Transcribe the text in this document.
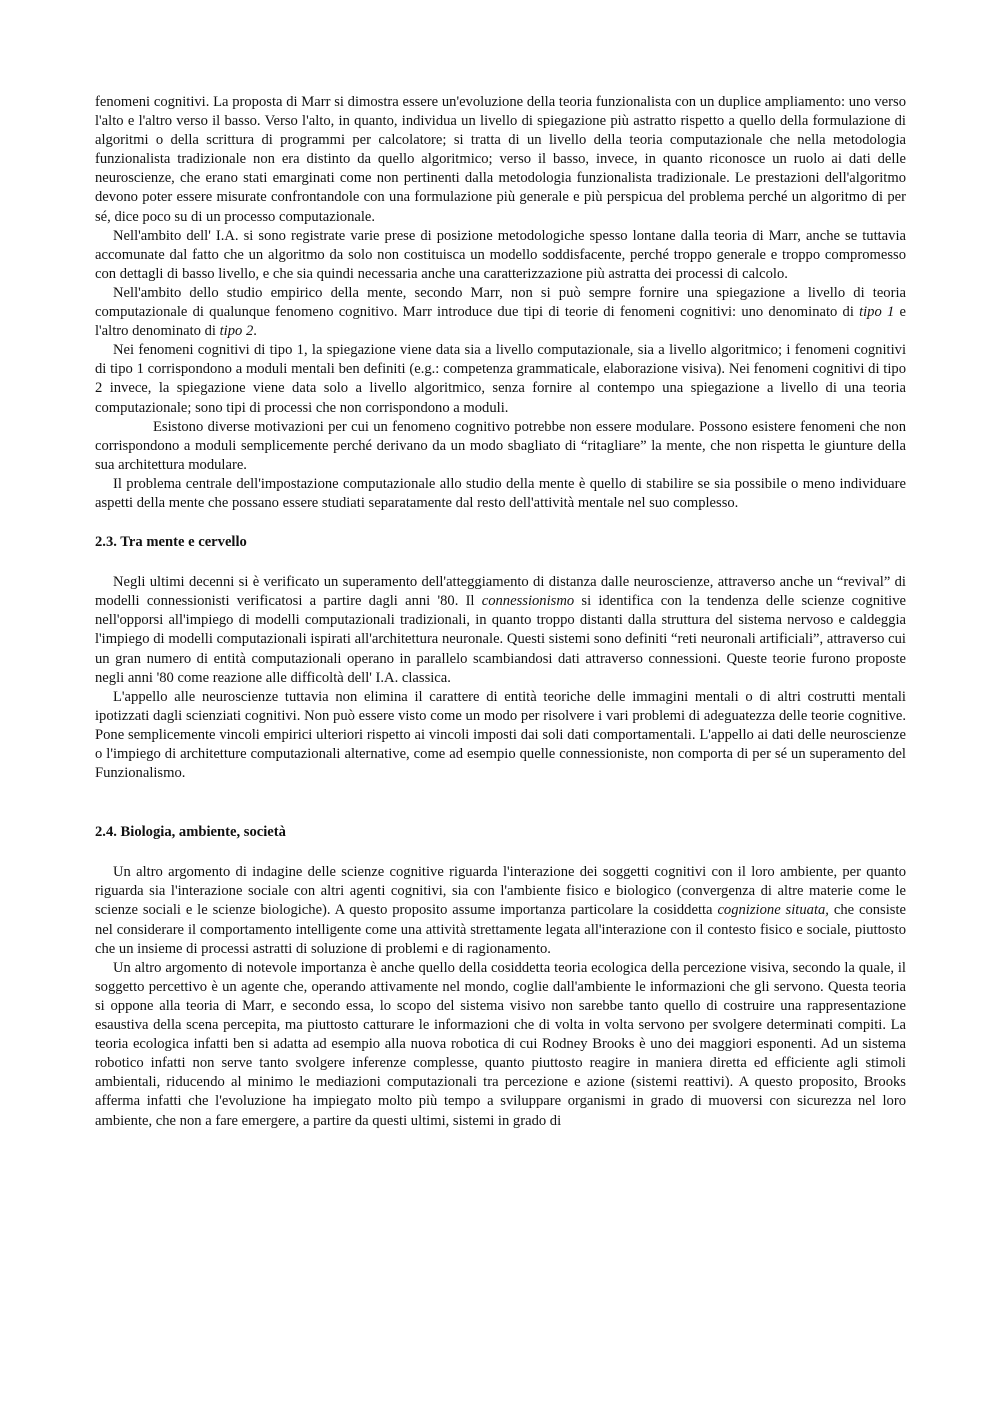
fenomeni cognitivi. La proposta di Marr si dimostra essere un'evoluzione della teoria funzionalista con un duplice ampliamento: uno verso l'alto e l'altro verso il basso. Verso l'alto, in quanto, individua un livello di spiegazione più astratto rispetto a quello della formulazione di algoritmi o della scrittura di programmi per calcolatore; si tratta di un livello della teoria computazionale che nella metodologia funzionalista tradizionale non era distinto da quello algoritmico; verso il basso, invece, in quanto riconosce un ruolo ai dati delle neuroscienze, che erano stati emarginati come non pertinenti dalla metodologia funzionalista tradizionale. Le prestazioni dell'algoritmo devono poter essere misurate confrontandole con una formulazione più generale e più perspicua del problema perché un algoritmo di per sé, dice poco su di un processo computazionale.

Nell'ambito dell' I.A. si sono registrate varie prese di posizione metodologiche spesso lontane dalla teoria di Marr, anche se tuttavia accomunate dal fatto che un algoritmo da solo non costituisca un modello soddisfacente, perché troppo generale e troppo compromesso con dettagli di basso livello, e che sia quindi necessaria anche una caratterizzazione più astratta dei processi di calcolo.

Nell'ambito dello studio empirico della mente, secondo Marr, non si può sempre fornire una spiegazione a livello di teoria computazionale di qualunque fenomeno cognitivo. Marr introduce due tipi di teorie di fenomeni cognitivi: uno denominato di tipo 1 e l'altro denominato di tipo 2.

Nei fenomeni cognitivi di tipo 1, la spiegazione viene data sia a livello computazionale, sia a livello algoritmico; i fenomeni cognitivi di tipo 1 corrispondono a moduli mentali ben definiti (e.g.: competenza grammaticale, elaborazione visiva). Nei fenomeni cognitivi di tipo 2 invece, la spiegazione viene data solo a livello algoritmico, senza fornire al contempo una spiegazione a livello di una teoria computazionale; sono tipi di processi che non corrispondono a moduli.

Esistono diverse motivazioni per cui un fenomeno cognitivo potrebbe non essere modulare. Possono esistere fenomeni che non corrispondono a moduli semplicemente perché derivano da un modo sbagliato di “ritagliare” la mente, che non rispetta le giunture della sua architettura modulare.

Il problema centrale dell'impostazione computazionale allo studio della mente è quello di stabilire se sia possibile o meno individuare aspetti della mente che possano essere studiati separatamente dal resto dell'attività mentale nel suo complesso.

2.3. Tra mente e cervello

Negli ultimi decenni si è verificato un superamento dell'atteggiamento di distanza dalle neuroscienze, attraverso anche un “revival” di modelli connessionisti verificatosi a partire dagli anni '80. Il connessionismo si identifica con la tendenza delle scienze cognitive nell'opporsi all'impiego di modelli computazionali tradizionali, in quanto troppo distanti dalla struttura del sistema nervoso e caldeggia l'impiego di modelli computazionali ispirati all'architettura neuronale. Questi sistemi sono definiti “reti neuronali artificiali”, attraverso cui un gran numero di entità computazionali operano in parallelo scambiandosi dati attraverso connessioni. Queste teorie furono proposte negli anni '80 come reazione alle difficoltà dell' I.A. classica.

L'appello alle neuroscienze tuttavia non elimina il carattere di entità teoriche delle immagini mentali o di altri costrutti mentali ipotizzati dagli scienziati cognitivi. Non può essere visto come un modo per risolvere i vari problemi di adeguatezza delle teorie cognitive. Pone semplicemente vincoli empirici ulteriori rispetto ai vincoli imposti dai soli dati comportamentali. L'appello ai dati delle neuroscienze o l'impiego di architetture computazionali alternative, come ad esempio quelle connessioniste, non comporta di per sé un superamento del Funzionalismo.

2.4. Biologia, ambiente, società

Un altro argomento di indagine delle scienze cognitive riguarda l'interazione dei soggetti cognitivi con il loro ambiente, per quanto riguarda sia l'interazione sociale con altri agenti cognitivi, sia con l'ambiente fisico e biologico (convergenza di altre materie come le scienze sociali e le scienze biologiche). A questo proposito assume importanza particolare la cosiddetta cognizione situata, che consiste nel considerare il comportamento intelligente come una attività strettamente legata all'interazione con il contesto fisico e sociale, piuttosto che un insieme di processi astratti di soluzione di problemi e di ragionamento.

Un altro argomento di notevole importanza è anche quello della cosiddetta teoria ecologica della percezione visiva, secondo la quale, il soggetto percettivo è un agente che, operando attivamente nel mondo, coglie dall'ambiente le informazioni che gli servono. Questa teoria si oppone alla teoria di Marr, e secondo essa, lo scopo del sistema visivo non sarebbe tanto quello di costruire una rappresentazione esaustiva della scena percepita, ma piuttosto catturare le informazioni che di volta in volta servono per svolgere determinati compiti. La teoria ecologica infatti ben si adatta ad esempio alla nuova robotica di cui Rodney Brooks è uno dei maggiori esponenti. Ad un sistema robotico infatti non serve tanto svolgere inferenze complesse, quanto piuttosto reagire in maniera diretta ed efficiente agli stimoli ambientali, riducendo al minimo le mediazioni computazionali tra percezione e azione (sistemi reattivi). A questo proposito, Brooks afferma infatti che l'evoluzione ha impiegato molto più tempo a sviluppare organismi in grado di muoversi con sicurezza nel loro ambiente, che non a fare emergere, a partire da questi ultimi, sistemi in grado di
